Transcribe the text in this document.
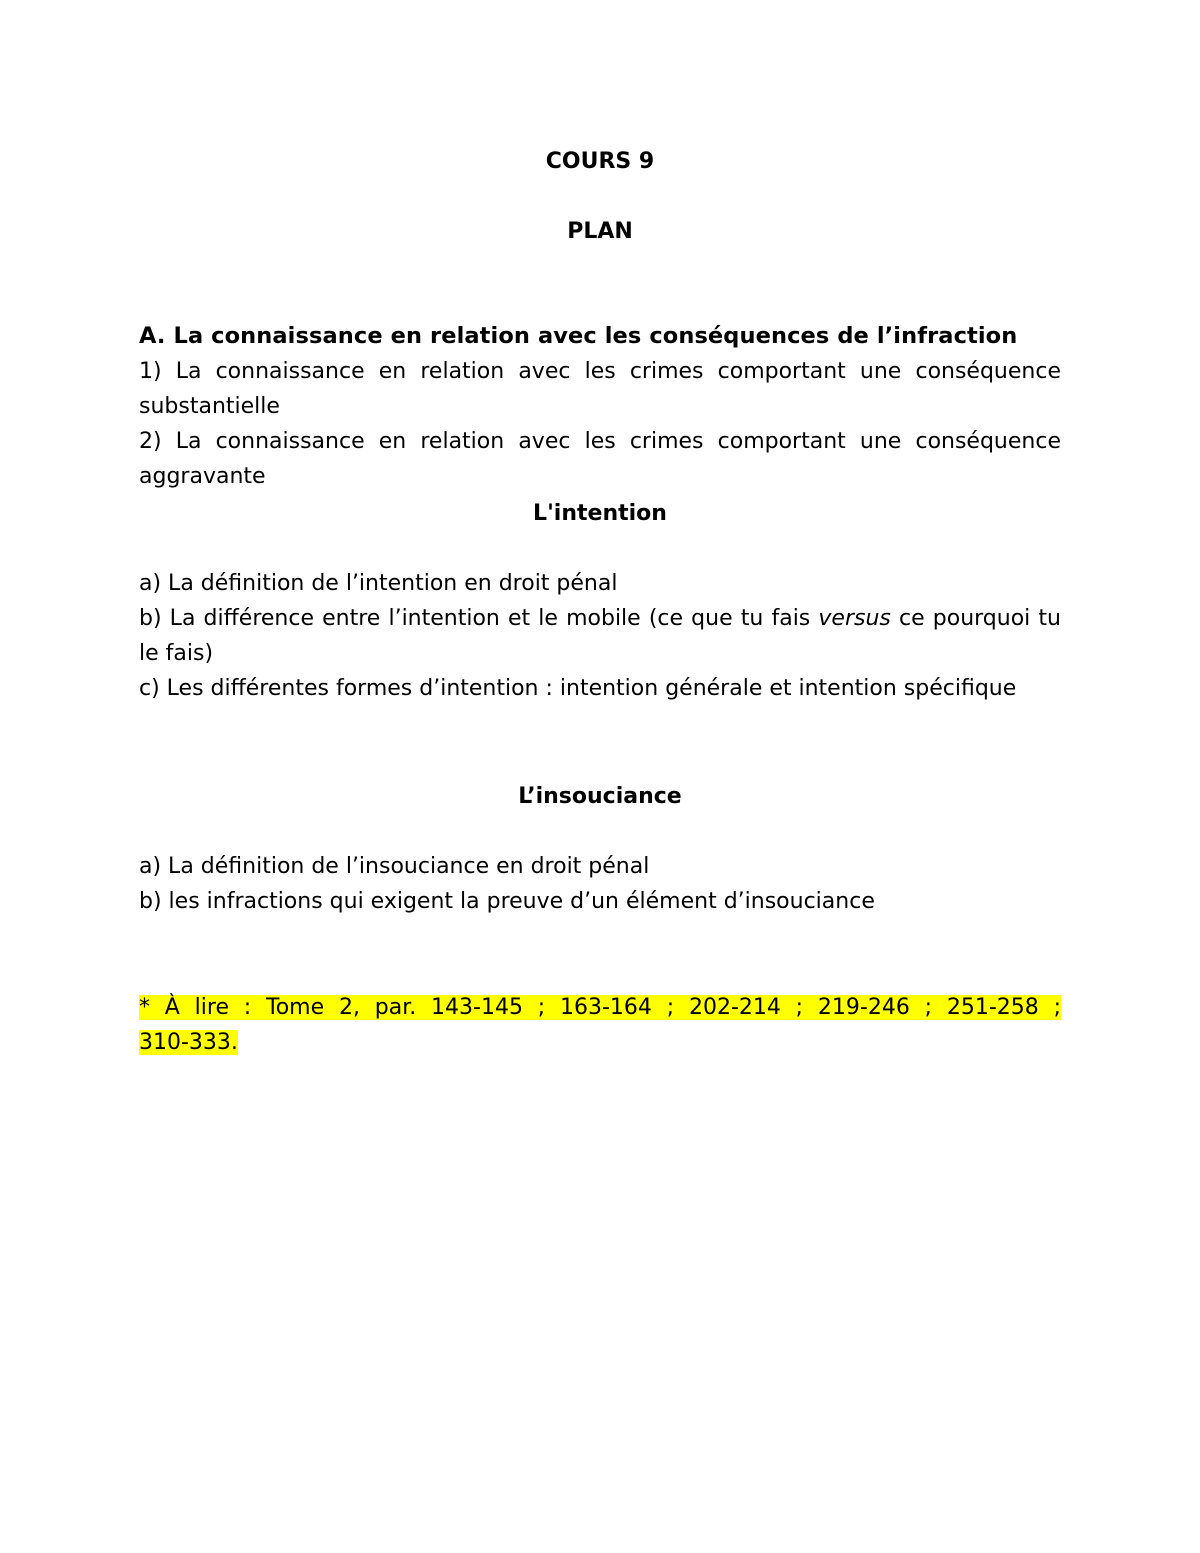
COURS 9
PLAN

A. La connaissance en relation avec les conséquences de l’infraction

1) La connaissance en relation avec les crimes comportant une conséquence substantielle

2) La connaissance en relation avec les crimes comportant une conséquence aggravante

L'intention

a) La définition de l’intention en droit pénal

b) La différence entre l’intention et le mobile (ce que tu fais versus ce pourquoi tu le fais)

c) Les différentes formes d’intention : intention générale et intention spécifique

L’insouciance

a) La définition de l’insouciance en droit pénal

b) les infractions qui exigent la preuve d’un élément d’insouciance

* À lire : Tome 2, par. 143-145 ; 163-164 ; 202-214 ; 219-246 ; 251-258 ;

310-333.
